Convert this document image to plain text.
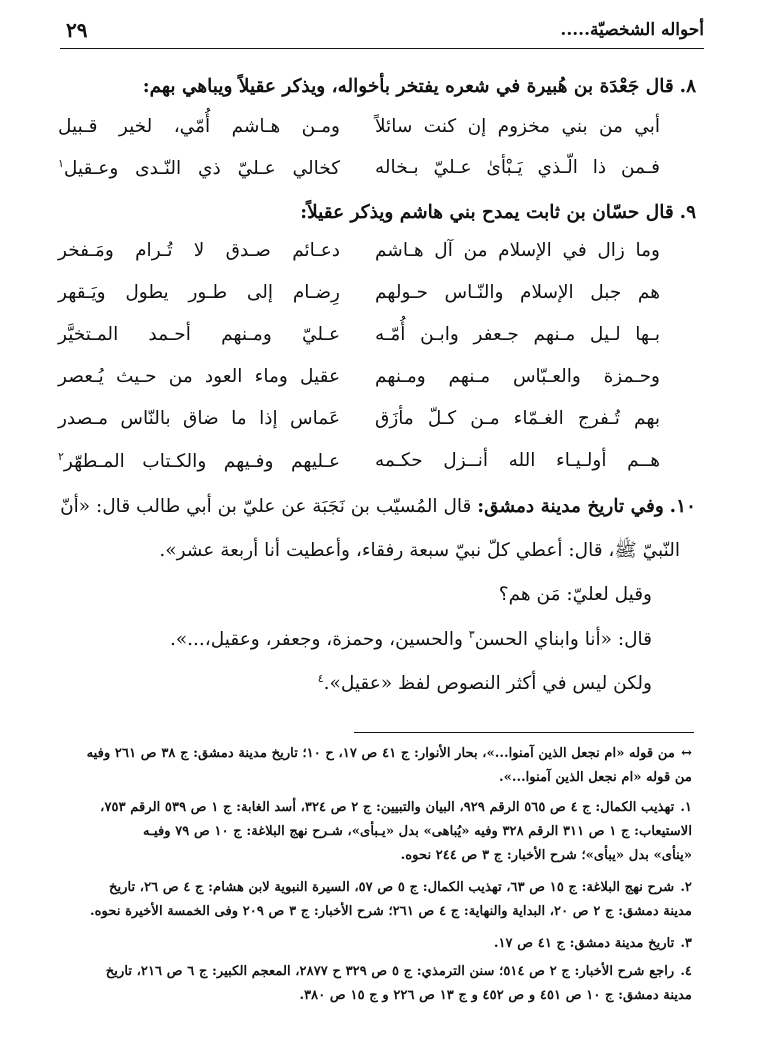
أحواله الشخصيّة.....
٢٩
٨. قال جَعْدَة بن هُبيرة في شعره يفتخر بأخواله، ويذكر عقيلاً ويباهي بهم:
أبي من بني مخزوم إن كنت سائلاً
ومـن هـاشم أُمّي، لخير قـبيل
فـمن ذا الّـذي يَـبْأىٰ عـليّ بـخاله
كخالي عـليّ ذي النّـدى وعـقيل$^١$
٩. قال حسّان بن ثابت يمدح بني هاشم ويذكر عقيلاً:
وما زال في الإسلام من آل هـاشم
دعـائم صـدق لا تُـرام ومَـفخر
هم جبل الإسلام والنّـاس حـولهم
رِضـام إلى طـور يطول ويَـقهر
بـها لـيل مـنهم جـعفر وابـن أُمّـه
عـليّ ومـنهم أحـمد المـتخيَّر
وحـمزة والعـبّاس مـنهم ومـنهم
عقيل وماء العود من حـيث يُـعصر
بهم تُـفرج الغـمّاء مـن كـلّ مأزَق
عَماس إذا ما ضاق بالنّاس مـصدر
هــم أولـيـاء الله أنــزل حكـمه
عـليهم وفـيهم والكـتاب المـطهّر$^٢$
١٠. وفي تاريخ مدينة دمشق: قال المُسيّب بن نَجَبَة عن عليّ بن أبي طالب قال: «أنّ
النّبيّ ﷺ، قال: أعطي كلّ نبيّ سبعة رفقاء، وأعطيت أنا أربعة عشر».
وقيل لعليّ: مَن هم؟
قال: «أنا وابناي الحسن$^٣$ والحسين، وحمزة، وجعفر، وعقيل،...».
ولكن ليس في أكثر النصوص لفظ «عقيل».$^٤$
↔من قوله «ام نجعل الذين آمنوا...»، بحار الأنوار: ج ٤١ ص ١٧، ح ١٠؛ تاريخ مدينة دمشق: ج ٣٨ ص ٢٦١ وفيه
من قوله «ام نجعل الذين آمنوا...».
١.تهذيب الكمال: ج ٤ ص ٥٦٥ الرقم ٩٢٩، البيان والتبيين: ج ٢ ص ٣٢٤، أسد الغابة: ج ١ ص ٥٣٩ الرقم ٧٥٣،
الاستيعاب: ج ١ ص ٣١١ الرقم ٣٢٨ وفيه «يُباهى» بدل «يـبأى»، شـرح نهج البلاغة: ج ١٠ ص ٧٩ وفيـه
«ينأى» بدل «يبأى»؛ شرح الأخبار: ج ٣ ص ٢٤٤ نحوه.
٢.شرح نهج البلاغة: ج ١٥ ص ٦٣، تهذيب الكمال: ج ٥ ص ٥٧، السيرة النبوية لابن هشام: ج ٤ ص ٢٦، تاريخ
مدينة دمشق: ج ٢ ص ٢٠، البداية والنهاية: ج ٤ ص ٢٦١؛ شرح الأخبار: ج ٣ ص ٢٠٩ وفى الخمسة الأخيرة نحوه.
٣.تاريخ مدينة دمشق: ج ٤١ ص ١٧.
٤.راجع شرح الأخبار: ج ٢ ص ٥١٤؛ سنن الترمذي: ج ٥ ص ٣٢٩ ح ٢٨٧٧، المعجم الكبير: ج ٦ ص ٢١٦، تاريخ
مدينة دمشق: ج ١٠ ص ٤٥١ و ص ٤٥٢ و ج ١٣ ص ٢٢٦ و ج ١٥ ص ٣٨٠.
